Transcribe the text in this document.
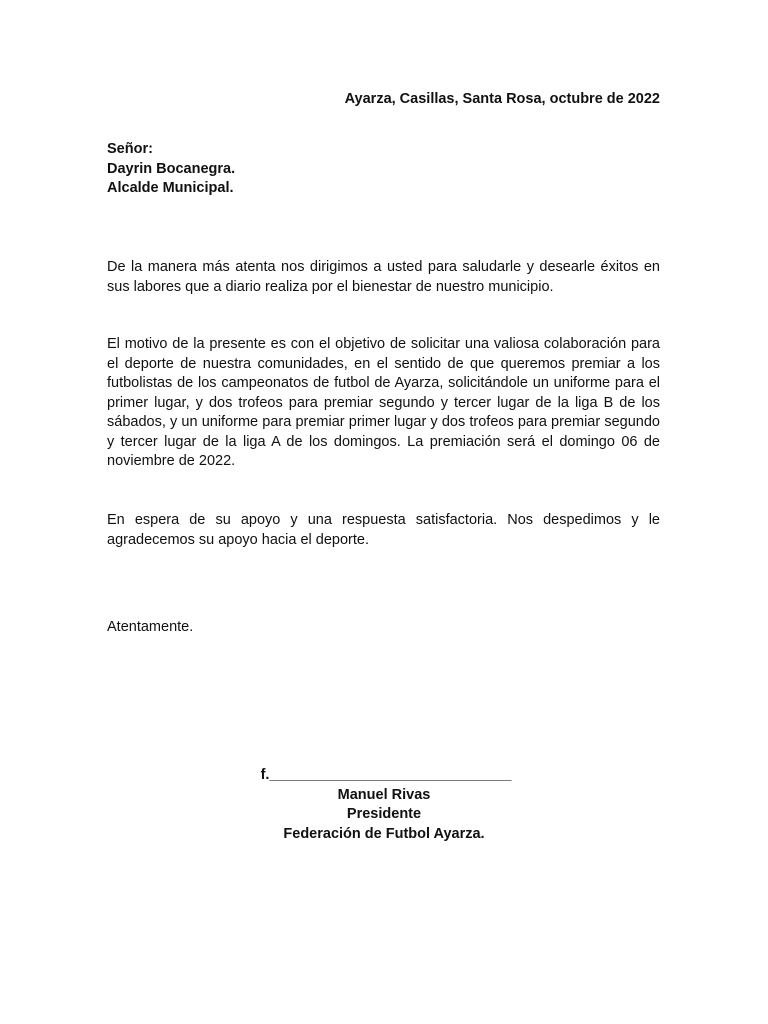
Ayarza, Casillas, Santa Rosa, octubre de 2022
Señor:
Dayrin Bocanegra.
Alcalde Municipal.

De la manera más atenta nos dirigimos a usted para saludarle y desearle éxitos en sus labores que a diario realiza por el bienestar de nuestro municipio.

El motivo de la presente es con el objetivo de solicitar una valiosa colaboración para el deporte de nuestra comunidades, en el sentido de que queremos premiar a los futbolistas de los campeonatos de futbol de Ayarza, solicitándole un uniforme para el primer lugar, y dos trofeos para premiar segundo y tercer lugar de la liga B de los sábados, y un uniforme para premiar primer lugar y dos trofeos para premiar segundo y tercer lugar de la liga A de los domingos. La premiación será el domingo 06 de noviembre de 2022.

En espera de su apoyo y una respuesta satisfactoria. Nos despedimos y le agradecemos su apoyo hacia el deporte.

Atentamente.
f.______________________________
Manuel Rivas
Presidente
Federación de Futbol Ayarza.
